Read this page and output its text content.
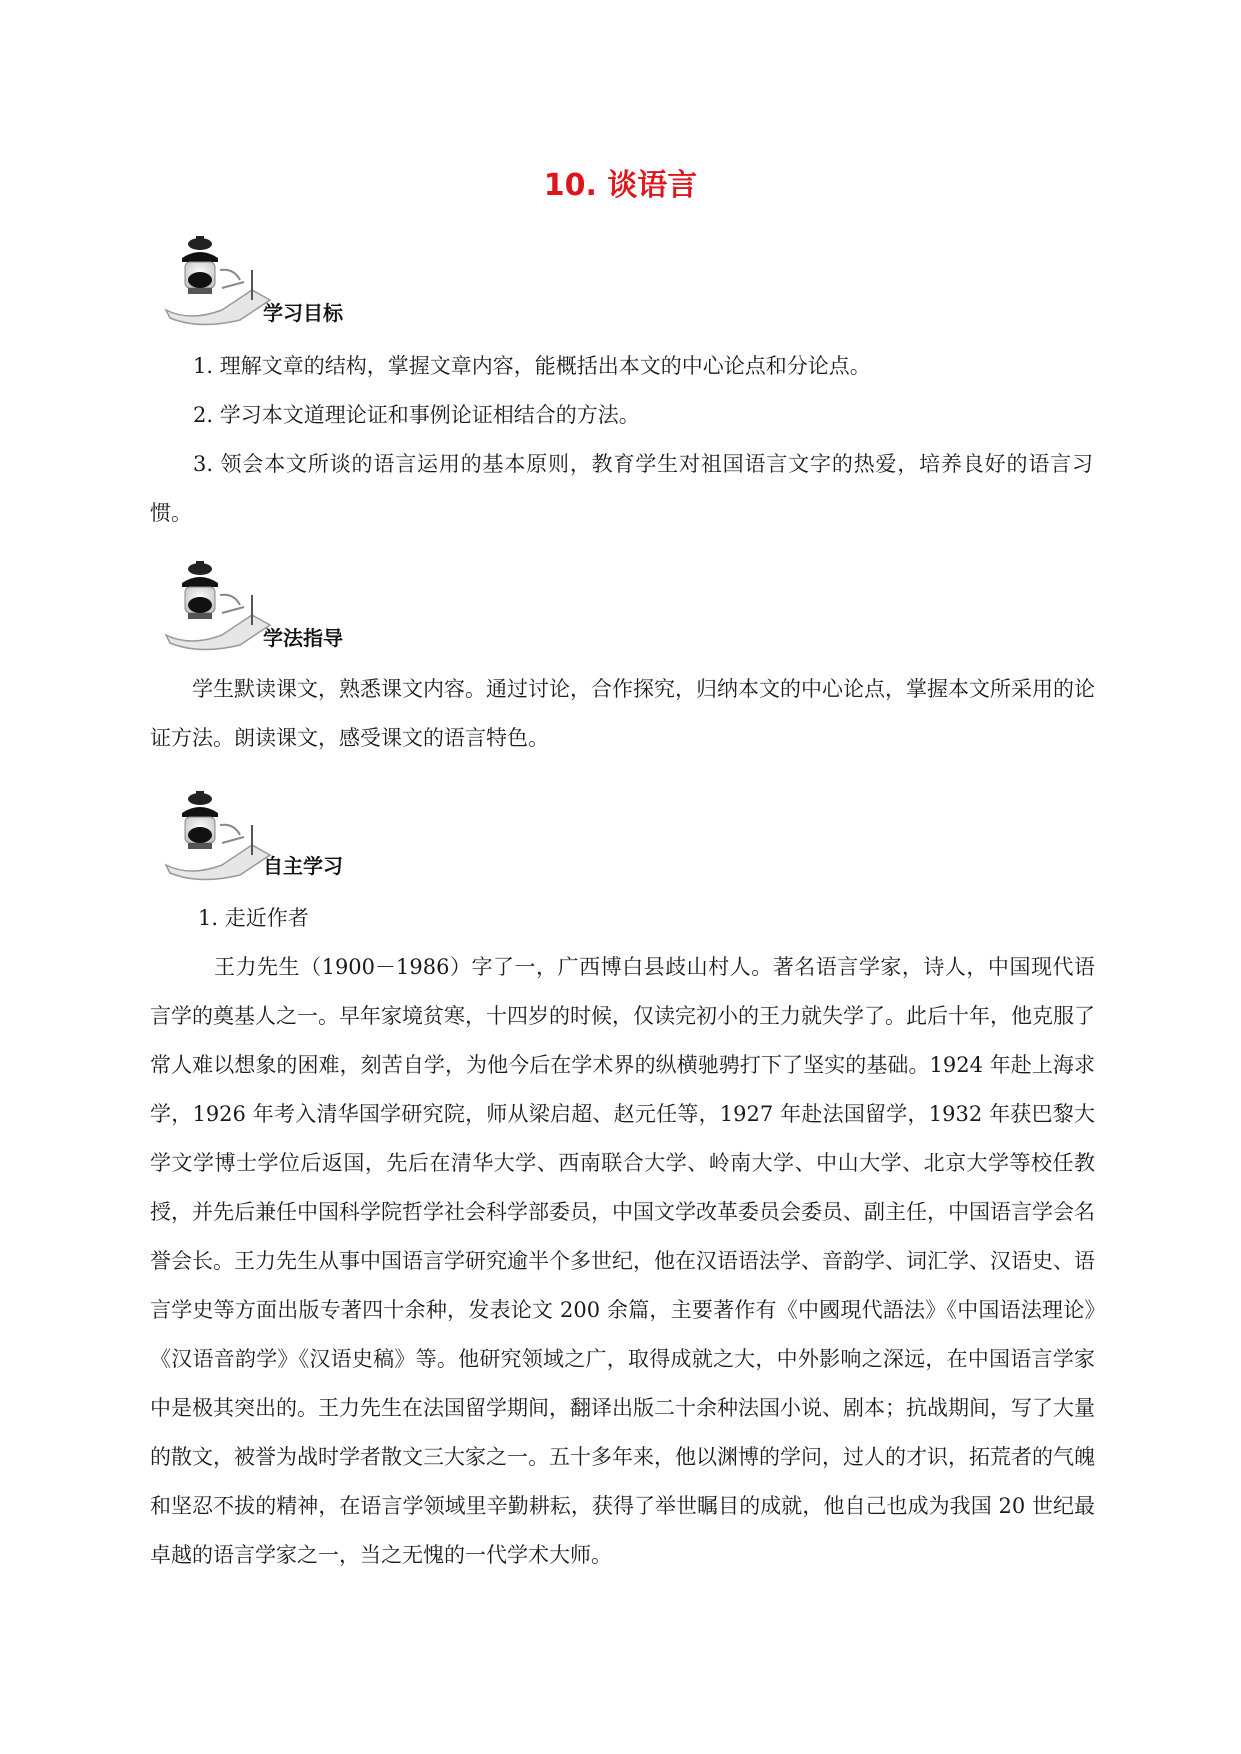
10. 谈语言
学习目标
1. 理解文章的结构，掌握文章内容，能概括出本文的中心论点和分论点。
2. 学习本文道理论证和事例论证相结合的方法。
3. 领会本文所谈的语言运用的基本原则，教育学生对祖国语言文字的热爱，培养良好的语言习惯。
学法指导
学生默读课文，熟悉课文内容。通过讨论，合作探究，归纳本文的中心论点，掌握本文所采用的论证方法。朗读课文，感受课文的语言特色。
自主学习
1. 走近作者
王力先生（1900－1986）字了一，广西博白县歧山村人。著名语言学家，诗人，中国现代语言学的奠基人之一。早年家境贫寒，十四岁的时候，仅读完初小的王力就失学了。此后十年，他克服了常人难以想象的困难，刻苦自学，为他今后在学术界的纵横驰骋打下了坚实的基础。1924 年赴上海求学，1926 年考入清华国学研究院，师从梁启超、赵元任等，1927 年赴法国留学，1932 年获巴黎大学文学博士学位后返国，先后在清华大学、西南联合大学、岭南大学、中山大学、北京大学等校任教授，并先后兼任中国科学院哲学社会科学部委员，中国文学改革委员会委员、副主任，中国语言学会名誉会长。王力先生从事中国语言学研究逾半个多世纪，他在汉语语法学、音韵学、词汇学、汉语史、语言学史等方面出版专著四十余种，发表论文 200 余篇，主要著作有《中國現代語法》《中国语法理论》《汉语音韵学》《汉语史稿》等。他研究领域之广，取得成就之大，中外影响之深远，在中国语言学家中是极其突出的。王力先生在法国留学期间，翻译出版二十余种法国小说、剧本；抗战期间，写了大量的散文，被誉为战时学者散文三大家之一。五十多年来，他以渊博的学问，过人的才识，拓荒者的气魄和坚忍不拔的精神，在语言学领域里辛勤耕耘，获得了举世瞩目的成就，他自己也成为我国 20 世纪最卓越的语言学家之一，当之无愧的一代学术大师。
